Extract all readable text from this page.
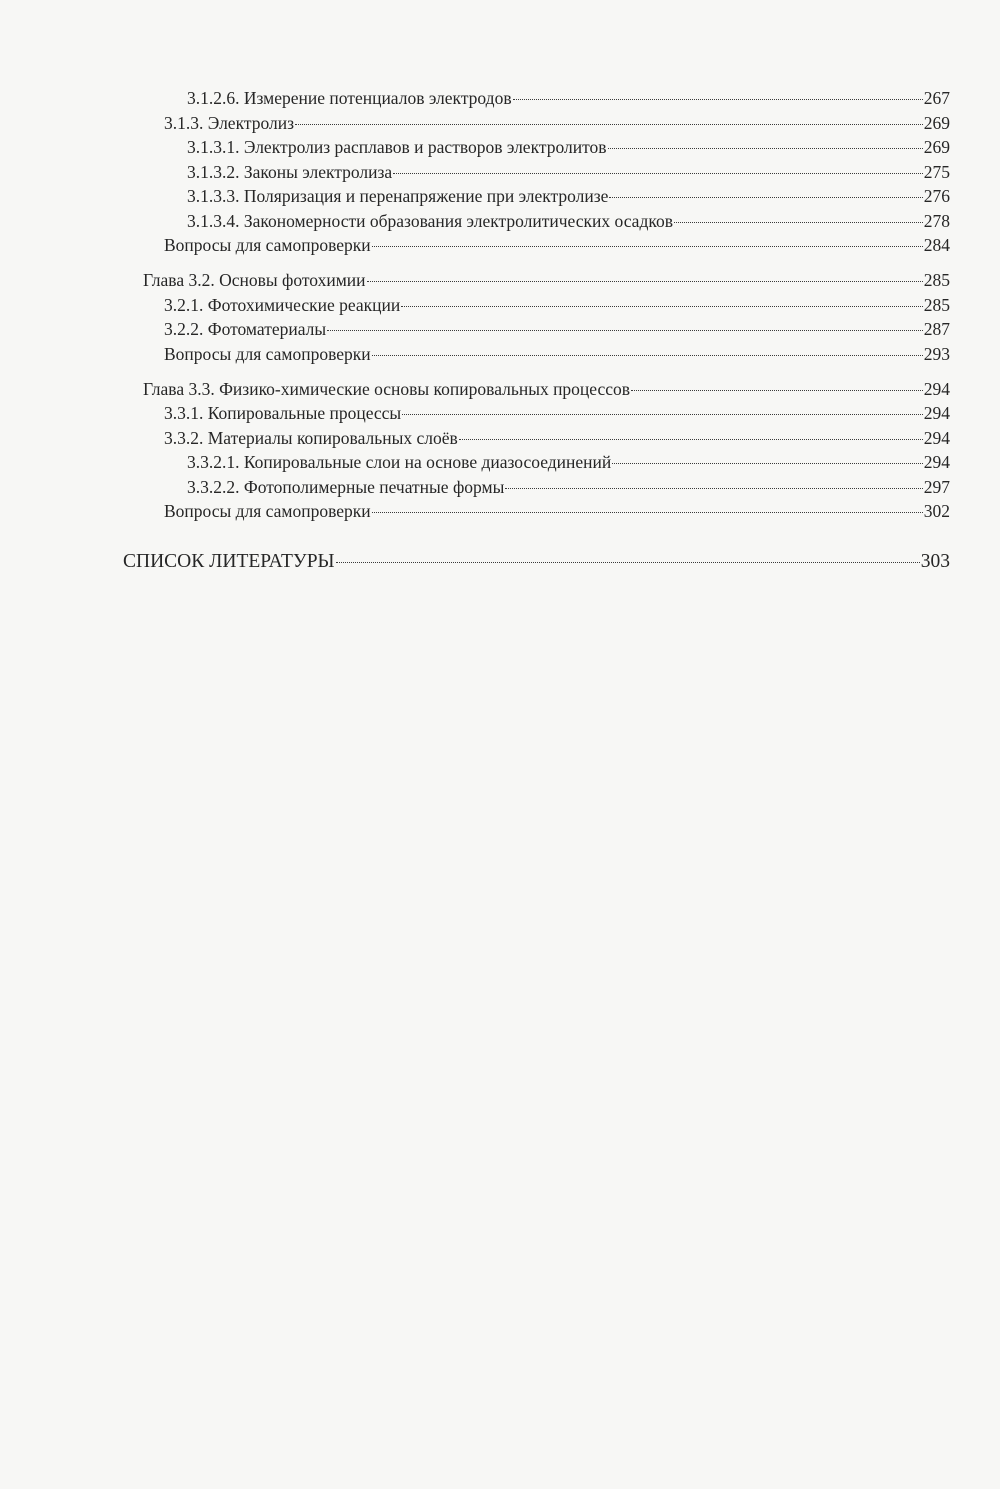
3.1.2.6. Измерение потенциалов электродов	267
3.1.3. Электролиз	269
3.1.3.1. Электролиз расплавов и растворов электролитов	269
3.1.3.2. Законы электролиза	275
3.1.3.3. Поляризация и перенапряжение при электролизе	276
3.1.3.4. Закономерности образования электролитических осадков	278
Вопросы для самопроверки	284
Глава 3.2. Основы фотохимии	285
3.2.1. Фотохимические реакции	285
3.2.2. Фотоматериалы	287
Вопросы для самопроверки	293
Глава 3.3. Физико-химические основы копировальных процессов	294
3.3.1. Копировальные процессы	294
3.3.2. Материалы копировальных слоёв	294
3.3.2.1. Копировальные слои на основе диазосоединений	294
3.3.2.2. Фотополимерные печатные формы	297
Вопросы для самопроверки	302
СПИСОК ЛИТЕРАТУРЫ	303
